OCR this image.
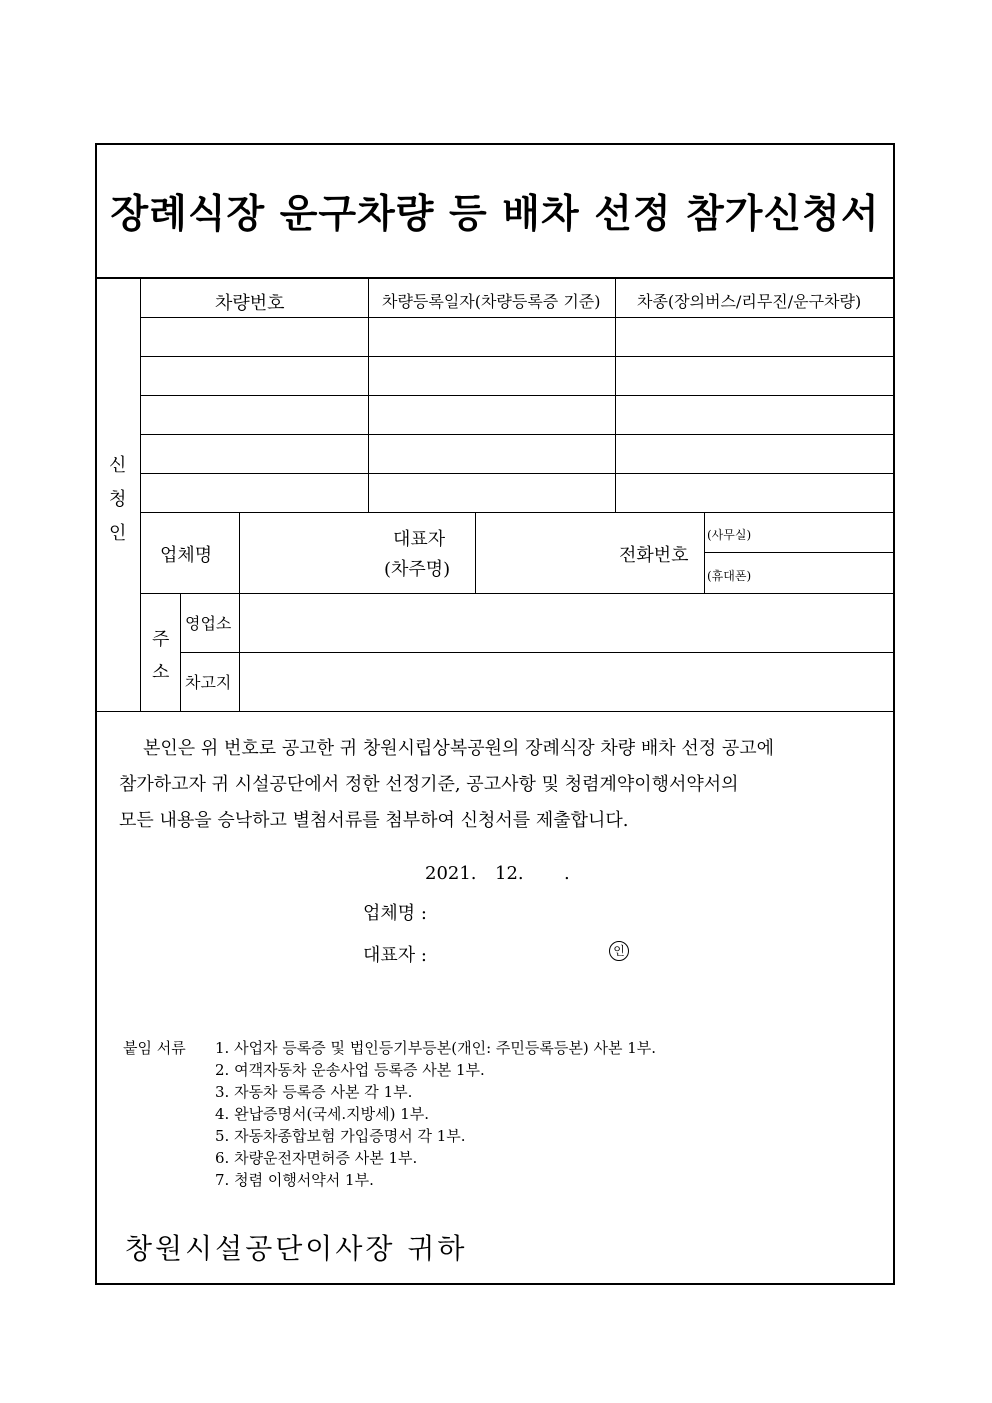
장례식장 운구차량 등 배차 선정 참가신청서
신
청
인
차량번호	차량등록일자(차량등록증 기준) 차종(장의버스/리무진/운구차량)
업체명
대표자
(차주명)
전화번호
(사무실)
(휴대폰)
주
소
영업소
차고지

본인은 위 번호로 공고한 귀 창원시립상복공원의 장례식장 차량 배차 선정 공고에

참가하고자 귀 시설공단에서 정한 선정기준, 공고사항 및 청렴계약이행서약서의

모든 내용을 승낙하고 별첨서류를 첨부하여 신청서를 제출합니다.

2021. 12. .
업체명 :
대표자 :	인
붙임 서류 1. 사업자 등록증 및 법인등기부등본(개인: 주민등록등본) 사본 1부.
2. 여객자동차 운송사업 등록증 사본 1부.
3. 자동차 등록증 사본 각 1부.
4. 완납증명서(국세.지방세) 1부.
5. 자동차종합보험 가입증명서 각 1부.
6. 차량운전자면허증 사본 1부.
7. 청렴 이행서약서 1부.
창원시설공단이사장 귀하
